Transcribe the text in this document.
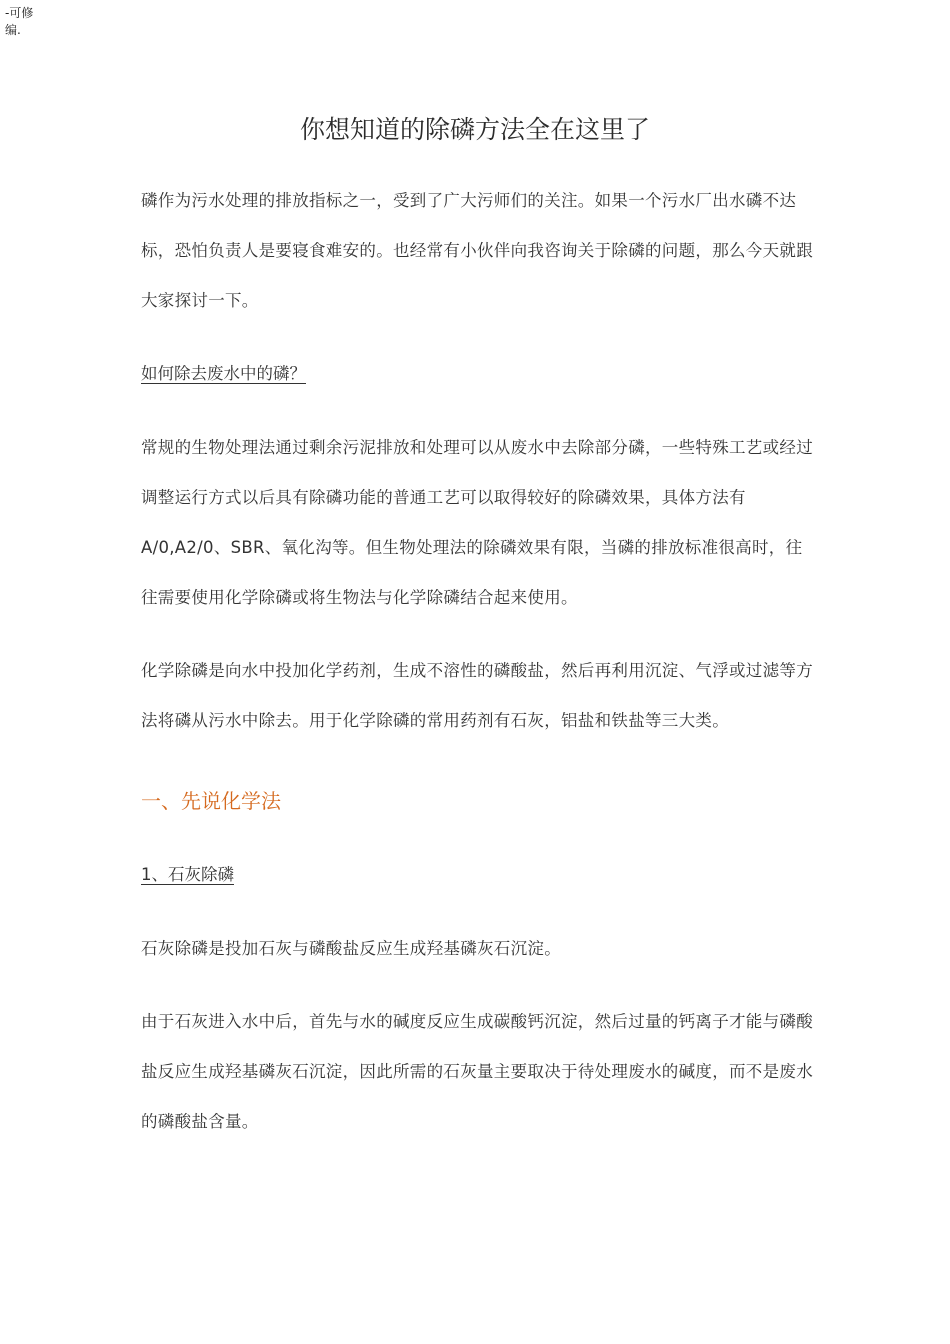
-可修编.
你想知道的除磷方法全在这里了

磷作为污水处理的排放指标之一，受到了广大污师们的关注。如果一个污水厂出水磷不达标，恐怕负责人是要寝食难安的。也经常有小伙伴向我咨询关于除磷的问题，那么今天就跟大家探讨一下。

如何除去废水中的磷？

常规的生物处理法通过剩余污泥排放和处理可以从废水中去除部分磷，一些特殊工艺或经过调整运行方式以后具有除磷功能的普通工艺可以取得较好的除磷效果，具体方法有 A/0,A2/0、SBR、氧化沟等。但生物处理法的除磷效果有限，当磷的排放标准很高时，往往需要使用化学除磷或将生物法与化学除磷结合起来使用。

化学除磷是向水中投加化学药剂，生成不溶性的磷酸盐，然后再利用沉淀、气浮或过滤等方法将磷从污水中除去。用于化学除磷的常用药剂有石灰，铝盐和铁盐等三大类。

一、先说化学法

1、石灰除磷

石灰除磷是投加石灰与磷酸盐反应生成羟基磷灰石沉淀。

由于石灰进入水中后，首先与水的碱度反应生成碳酸钙沉淀，然后过量的钙离子才能与磷酸盐反应生成羟基磷灰石沉淀，因此所需的石灰量主要取决于待处理废水的碱度，而不是废水的磷酸盐含量。
